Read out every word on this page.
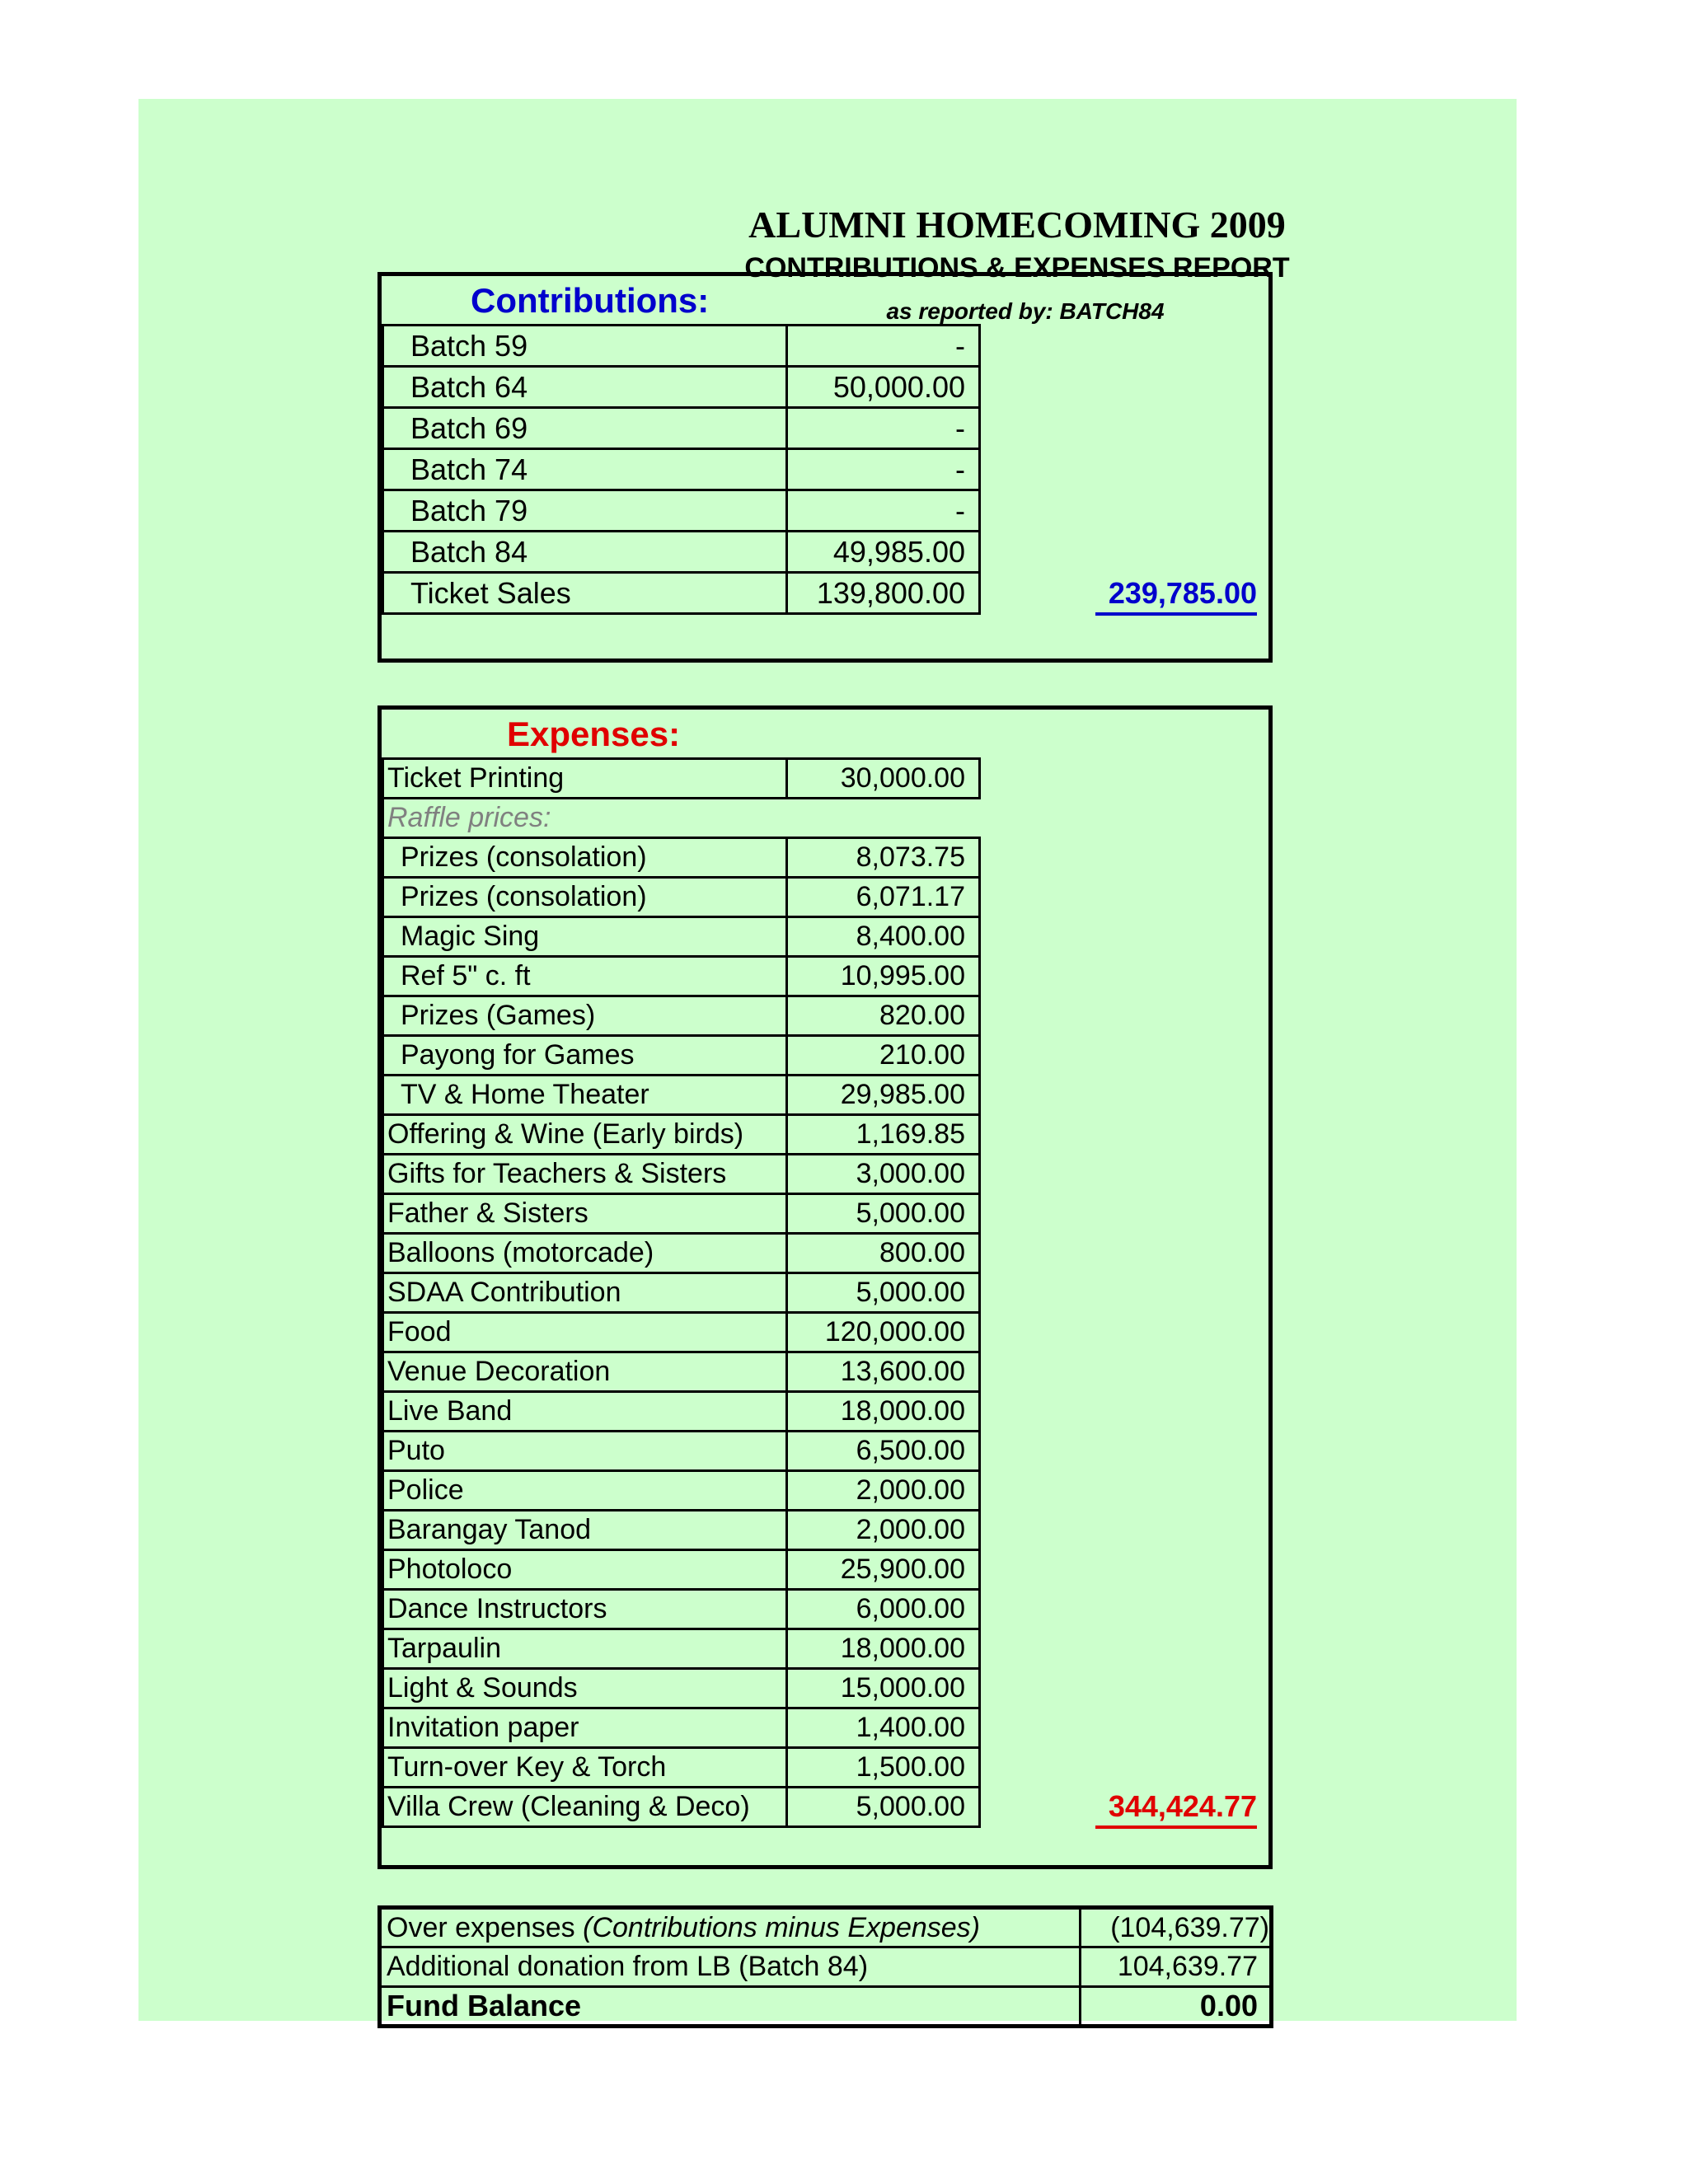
ALUMNI HOMECOMING 2009
CONTRIBUTIONS & EXPENSES REPORT
as reported by: BATCH84
Contributions:
Batch 59	-
Batch 64	50,000.00
Batch 69	-
Batch 74	-
Batch 79	-
Batch 84	49,985.00
Ticket Sales	139,800.00	239,785.00
Expenses:
Ticket Printing	30,000.00
Raffle prices:	
Prizes (consolation)	8,073.75
Prizes (consolation)	6,071.17
Magic Sing	8,400.00
Ref 5" c. ft	10,995.00
Prizes (Games)	820.00
Payong for Games	210.00
TV & Home Theater	29,985.00
Offering & Wine (Early birds)	1,169.85
Gifts for Teachers & Sisters	3,000.00
Father & Sisters	5,000.00
Balloons (motorcade)	800.00
SDAA Contribution	5,000.00
Food	120,000.00
Venue Decoration	13,600.00
Live Band	18,000.00
Puto	6,500.00
Police	2,000.00
Barangay Tanod	2,000.00
Photoloco	25,900.00
Dance Instructors	6,000.00
Tarpaulin	18,000.00
Light & Sounds	15,000.00
Invitation paper	1,400.00
Turn-over Key & Torch	1,500.00
Villa Crew (Cleaning & Deco)	5,000.00	344,424.77
Over expenses (Contributions minus Expenses)	(104,639.77)
Additional donation from LB (Batch 84)	104,639.77
Fund Balance	0.00
